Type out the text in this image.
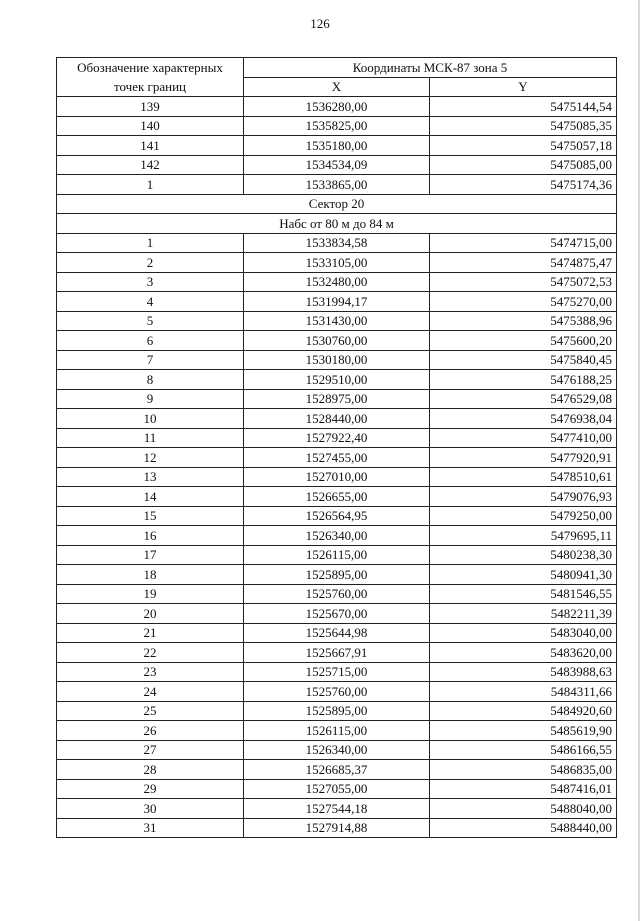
126
Обозначение характерных
точек границ	Координаты МСК-87 зона 5	
	X	Y
139	1536280,00	5475144,54
140	1535825,00	5475085,35
141	1535180,00	5475057,18
142	1534534,09	5475085,00
1	1533865,00	5475174,36
Сектор 20		
Набс от 80 м до 84 м		
1	1533834,58	5474715,00
2	1533105,00	5474875,47
3	1532480,00	5475072,53
4	1531994,17	5475270,00
5	1531430,00	5475388,96
6	1530760,00	5475600,20
7	1530180,00	5475840,45
8	1529510,00	5476188,25
9	1528975,00	5476529,08
10	1528440,00	5476938,04
11	1527922,40	5477410,00
12	1527455,00	5477920,91
13	1527010,00	5478510,61
14	1526655,00	5479076,93
15	1526564,95	5479250,00
16	1526340,00	5479695,11
17	1526115,00	5480238,30
18	1525895,00	5480941,30
19	1525760,00	5481546,55
20	1525670,00	5482211,39
21	1525644,98	5483040,00
22	1525667,91	5483620,00
23	1525715,00	5483988,63
24	1525760,00	5484311,66
25	1525895,00	5484920,60
26	1526115,00	5485619,90
27	1526340,00	5486166,55
28	1526685,37	5486835,00
29	1527055,00	5487416,01
30	1527544,18	5488040,00
31	1527914,88	5488440,00
